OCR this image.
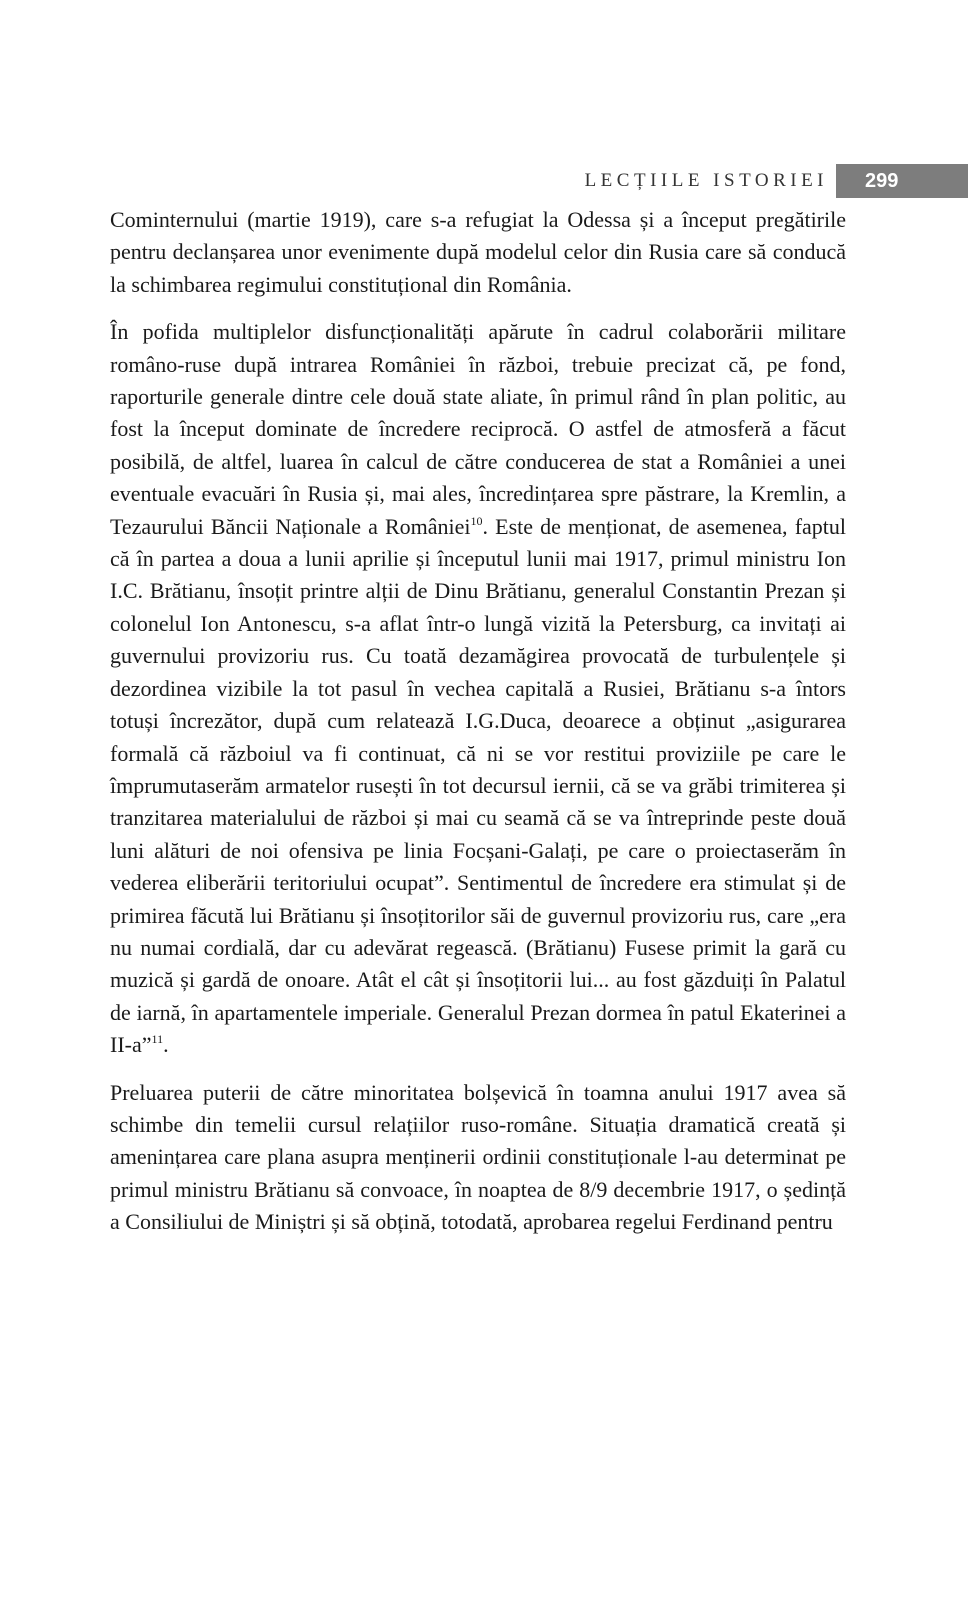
LECȚIILE ISTORIEI 299

Cominternului (martie 1919), care s-a refugiat la Odessa și a început pregătirile pentru declanșarea unor evenimente după modelul celor din Rusia care să conducă la schimbarea regimului constituțional din România.

În pofida multiplelor disfuncționalități apărute în cadrul colaborării militare româno-ruse după intrarea României în război, trebuie precizat că, pe fond, raporturile generale dintre cele două state aliate, în primul rând în plan politic, au fost la început dominate de încredere reciprocă. O astfel de atmosferă a făcut posibilă, de altfel, luarea în calcul de către conducerea de stat a României a unei eventuale evacuări în Rusia și, mai ales, încredințarea spre păstrare, la Kremlin, a Tezaurului Băncii Naționale a României$^{10}$. Este de menționat, de asemenea, faptul că în partea a doua a lunii aprilie și începutul lunii mai 1917, primul ministru Ion I.C. Brătianu, însoțit printre alții de Dinu Brătianu, generalul Constantin Prezan și colonelul Ion Antonescu, s-a aflat într-o lungă vizită la Petersburg, ca invitați ai guvernului provizoriu rus. Cu toată dezamăgirea provocată de turbulențele și dezordinea vizibile la tot pasul în vechea capitală a Rusiei, Brătianu s-a întors totuși încrezător, după cum relatează I.G.Duca, deoarece a obținut „asigurarea formală că războiul va fi continuat, că ni se vor restitui proviziile pe care le împrumutaserăm armatelor rusești în tot decursul iernii, că se va grăbi trimiterea și tranzitarea materialului de război și mai cu seamă că se va întreprinde peste două luni alături de noi ofensiva pe linia Focșani-Galați, pe care o proiectaserăm în vederea eliberării teritoriului ocupat”. Sentimentul de încredere era stimulat și de primirea făcută lui Brătianu și însoțitorilor săi de guvernul provizoriu rus, care „era nu numai cordială, dar cu adevărat regească. (Brătianu) Fusese primit la gară cu muzică și gardă de onoare. Atât el cât și însoțitorii lui... au fost găzduiți în Palatul de iarnă, în apartamentele imperiale. Generalul Prezan dormea în patul Ekaterinei a II-a”$^{11}$.

Preluarea puterii de către minoritatea bolșevică în toamna anului 1917 avea să schimbe din temelii cursul relațiilor ruso-române. Situația dramatică creată și amenințarea care plana asupra menținerii ordinii constituționale l-au determinat pe primul ministru Brătianu să convoace, în noaptea de 8/9 decembrie 1917, o ședință a Consiliului de Miniștri și să obțină, totodată, aprobarea regelui Ferdinand pentru
